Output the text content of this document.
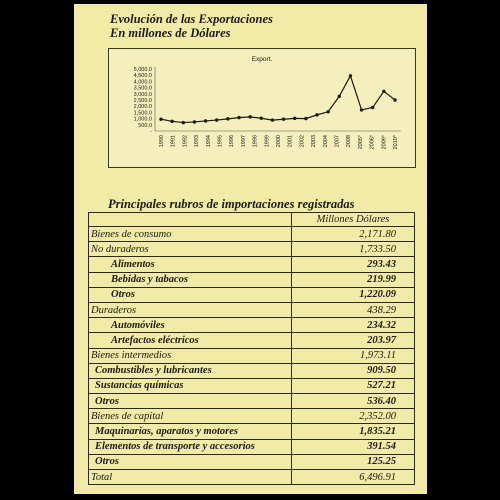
Evolución de las Exportaciones
En millones de Dólares
Export.
5,000.0
4,500.0
4,000.0
3,500.0
3,000.0
2,500.0
2,000.0
1,500.0
1,000.0
500.0
-
1990 1991 1992 1993 1994 1995 1996 1997 1998 1999 2000 2001 2002 2003 2004 2007 2008 2005* 2006* 2009* 2010*
Principales rubros de importaciones registradas
	Millones Dólares
Bienes de consumo	2,171.80
No duraderos	1,733.50
Alimentos	293.43
Bebidas y tabacos	219.99
Otros	1,220.09
Duraderos	438.29
Automóviles	234.32
Artefactos eléctricos	203.97
Bienes intermedios	1,973.11
Combustibles y lubricantes	909.50
Sustancias químicas	527.21
Otros	536.40
Bienes de capital	2,352.00
Maquinarias, aparatos y motores	1,835.21
Elementos de transporte y accesorios	391.54
Otros	125.25
Total	6,496.91
